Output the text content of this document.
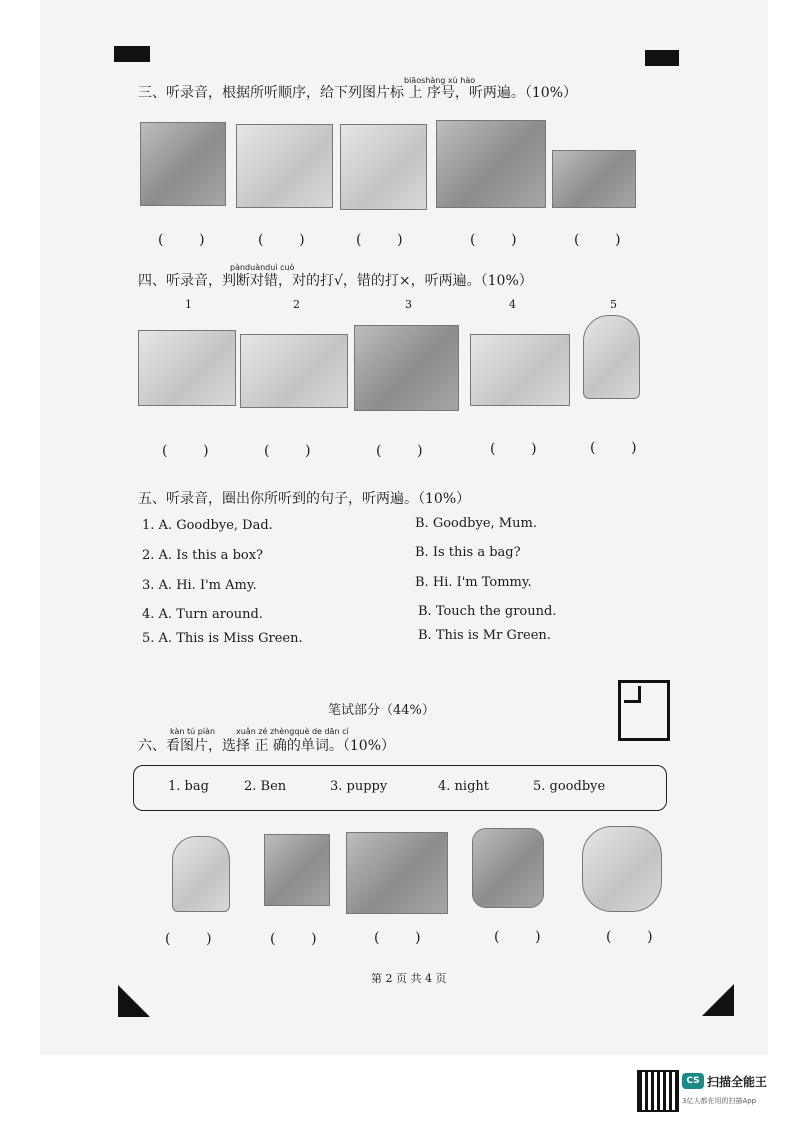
biāoshàng xù hào
三、听录音，根据所听顺序，给下列图片标 上 序号，听两遍。（10%）
(        )	(        )	(        )	(        )	(        )
pànduànduì cuò
四、听录音，判断对错，对的打√，错的打×，听两遍。（10%）
1	2	3	4	5
(        )	(        )	(        )	(        )	(        )
五、听录音，圈出你所听到的句子，听两遍。（10%）
1. A. Goodbye, Dad.	B. Goodbye, Mum.
2. A. Is this a box?	B. Is this a bag?
3. A. Hi. I'm Amy.	B. Hi. I'm Tommy.
4. A. Turn around.	B. Touch the ground.
5. A. This is Miss Green.	B. This is Mr Green.
笔试部分（44%）
kàn tú piàn	xuǎn zé zhèngquè de dān cí
六、看图片，选择 正 确的单词。（10%）
1. bag	2. Ben	3. puppy	4. night	5. goodbye
(        )	(        )	(        )	(        )	(        )
第 2 页 共 4 页
CS 扫描全能王
3亿人都在用的扫描App
